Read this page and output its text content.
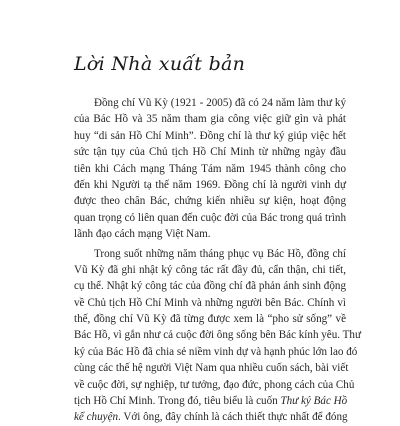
Lời Nhà xuất bản
Đồng chí Vũ Kỳ (1921 - 2005) đã có 24 năm làm thư ký
của Bác Hồ và 35 năm tham gia công việc giữ gìn và phát
huy “di sản Hồ Chí Minh”. Đồng chí là thư ký giúp việc hết
sức tận tụy của Chủ tịch Hồ Chí Minh từ những ngày đầu
tiên khi Cách mạng Tháng Tám năm 1945 thành công cho
đến khi Người tạ thế năm 1969. Đồng chí là người vinh dự
được theo chân Bác, chứng kiến nhiều sự kiện, hoạt động
quan trọng có liên quan đến cuộc đời của Bác trong quá trình
lãnh đạo cách mạng Việt Nam.
Trong suốt những năm tháng phục vụ Bác Hồ, đồng chí
Vũ Kỳ đã ghi nhật ký công tác rất đầy đủ, cẩn thận, chi tiết,
cụ thể. Nhật ký công tác của đồng chí đã phản ánh sinh động
về Chủ tịch Hồ Chí Minh và những người bên Bác. Chính vì
thế, đồng chí Vũ Kỳ đã từng được xem là “pho sử sống” về
Bác Hồ, vì gắn như cả cuộc đời ông sống bên Bác kính yêu. Thư
ký của Bác Hồ đã chia sẻ niềm vinh dự và hạnh phúc lớn lao đó
cùng các thế hệ người Việt Nam qua nhiều cuốn sách, bài viết
về cuộc đời, sự nghiệp, tư tưởng, đạo đức, phong cách của Chủ
tịch Hồ Chí Minh. Trong đó, tiêu biểu là cuốn Thư ký Bác Hồ
kể chuyện. Với ông, đây chính là cách thiết thực nhất để đóng
